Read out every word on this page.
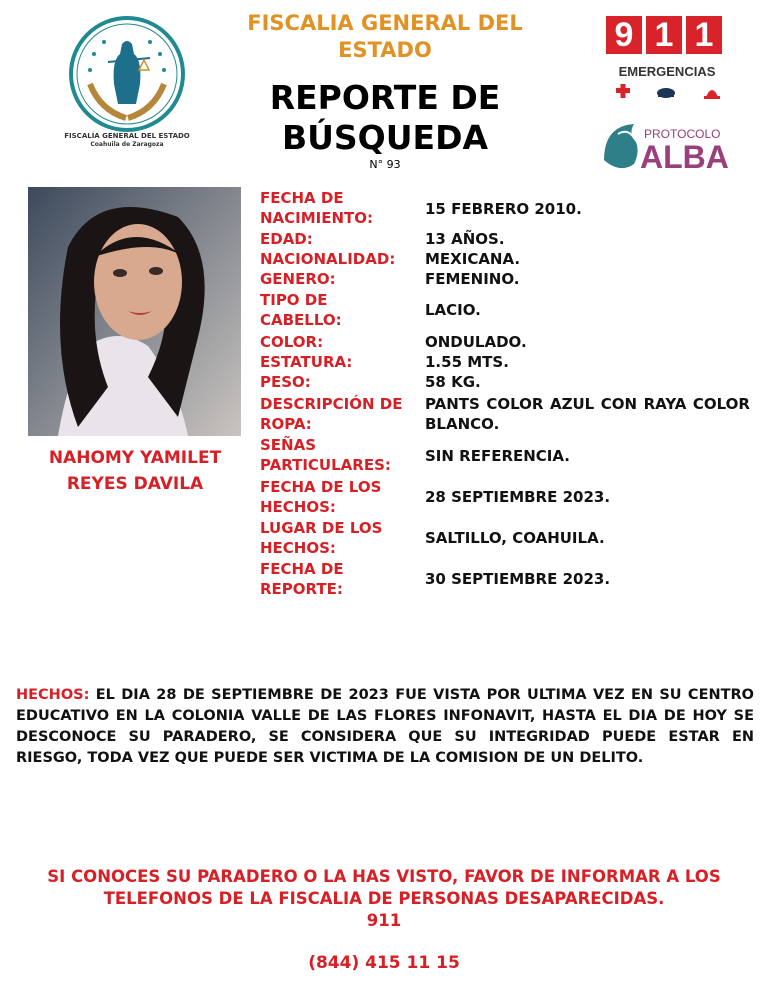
FISCALIA GENERAL DEL ESTADO
REPORTE DE BÚSQUEDA
N° 93
FISCALÍA GENERAL DEL ESTADO
Coahuila de Zaragoza
9 1 1
EMERGENCIAS
PROTOCOLO
ALBA
NAHOMY YAMILET REYES DAVILA
FECHA DE NACIMIENTO:	15 FEBRERO 2010.
EDAD:	13 AÑOS.
NACIONALIDAD:	MEXICANA.
GENERO:	FEMENINO.
TIPO DE CABELLO:
LACIO.
COLOR:	ONDULADO.
ESTATURA:	1.55 MTS.
PESO:	58 KG.
DESCRIPCIÓN DE ROPA:
PANTS COLOR AZUL CON RAYA COLOR BLANCO.
SEÑAS PARTICULARES:	SIN REFERENCIA.
FECHA DE LOS HECHOS:
28 SEPTIEMBRE 2023.
LUGAR DE LOS HECHOS:
SALTILLO, COAHUILA.
FECHA DE REPORTE:
30 SEPTIEMBRE 2023.
HECHOS: EL DIA 28 DE SEPTIEMBRE DE 2023 FUE VISTA POR ULTIMA VEZ EN SU CENTRO EDUCATIVO EN LA COLONIA VALLE DE LAS FLORES INFONAVIT, HASTA EL DIA DE HOY SE DESCONOCE SU PARADERO, SE CONSIDERA QUE SU INTEGRIDAD PUEDE ESTAR EN RIESGO, TODA VEZ QUE PUEDE SER VICTIMA DE LA COMISION DE UN DELITO.
SI CONOCES SU PARADERO O LA HAS VISTO, FAVOR DE INFORMAR A LOS TELEFONOS DE LA FISCALIA DE PERSONAS DESAPARECIDAS.
911
(844) 415 11 15
